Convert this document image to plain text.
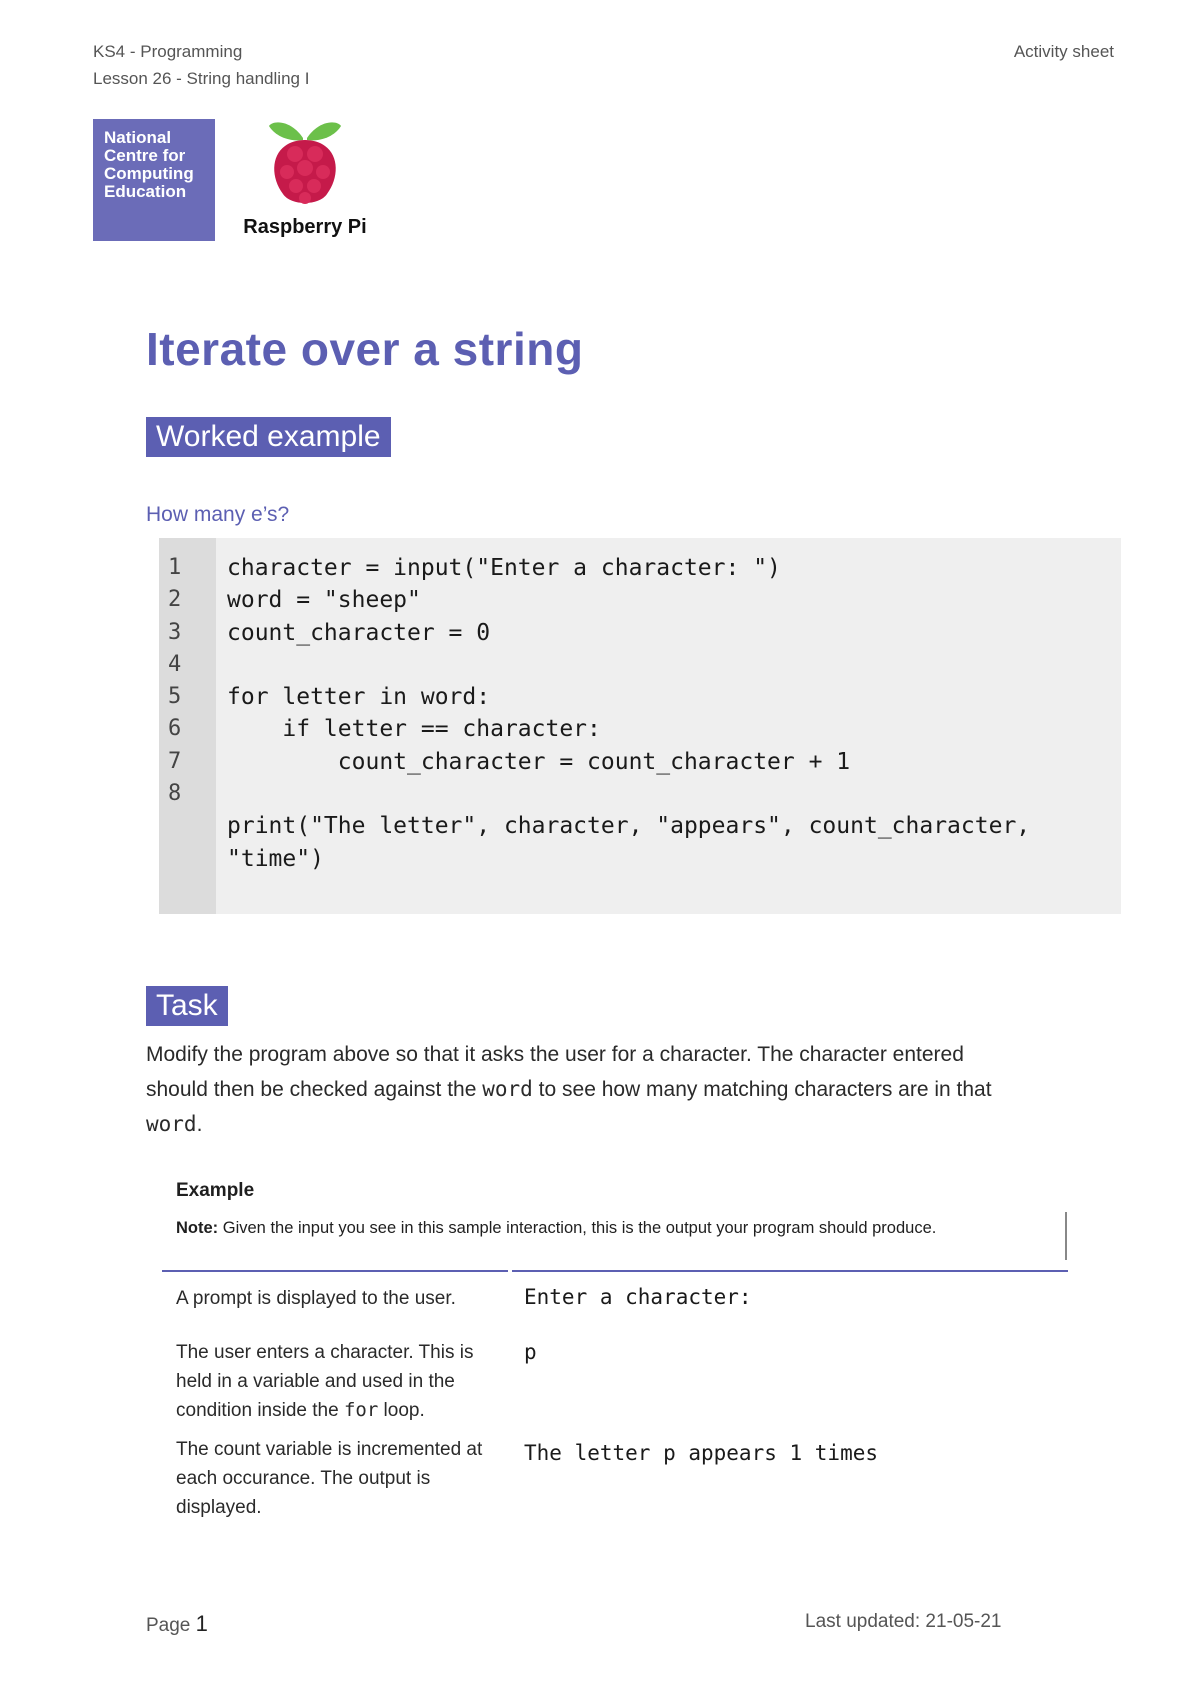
KS4 - Programming
Lesson 26 - String handling I
Activity sheet
National
Centre for
Computing
Education
Raspberry Pi
Iterate over a string
Worked example
How many e’s?
1
2
3
4
5
6
7
8
character = input("Enter a character: ")
word = "sheep"
count_character = 0

for letter in word:
if letter == character:
count_character = count_character + 1

print("The letter", character, "appears", count_character,
"time")
Task

Modify the program above so that it asks the user for a character. The character entered should then be checked against the word to see how many matching characters are in that word.

Example
Note: Given the input you see in this sample interaction, this is the output your program should produce.
A prompt is displayed to the user.	Enter a character:
The user enters a character. This is held in a variable and used in the condition inside the for loop.
p
The count variable is incremented at each occurance. The output is displayed.
The letter p appears 1 times
Page 1	Last updated: 21-05-21
